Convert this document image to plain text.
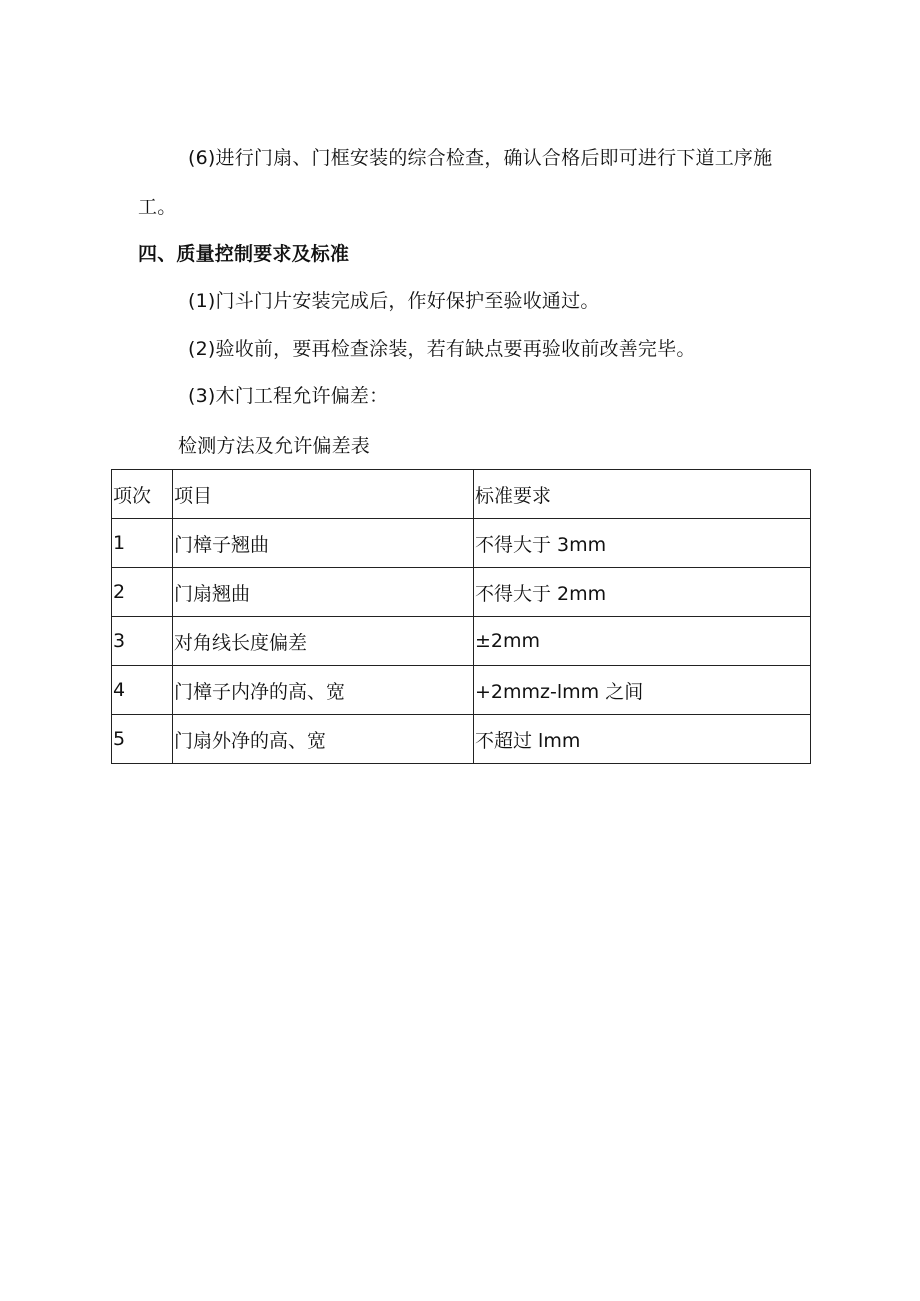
(6)进行门扇、门框安装的综合检查，确认合格后即可进行下道工序施
工。
四、质量控制要求及标准
(1)门斗门片安装完成后，作好保护至验收通过。
(2)验收前，要再检查涂装，若有缺点要再验收前改善完毕。
(3)木门工程允许偏差：
检测方法及允许偏差表
项次	项目	标准要求
1	门樟子翘曲	不得大于 3mm
2	门扇翘曲	不得大于 2mm
3	对角线长度偏差	±2mm
4	门樟子内净的高、宽	+2mmz-lmm 之间
5	门扇外净的高、宽	不超过 lmm
